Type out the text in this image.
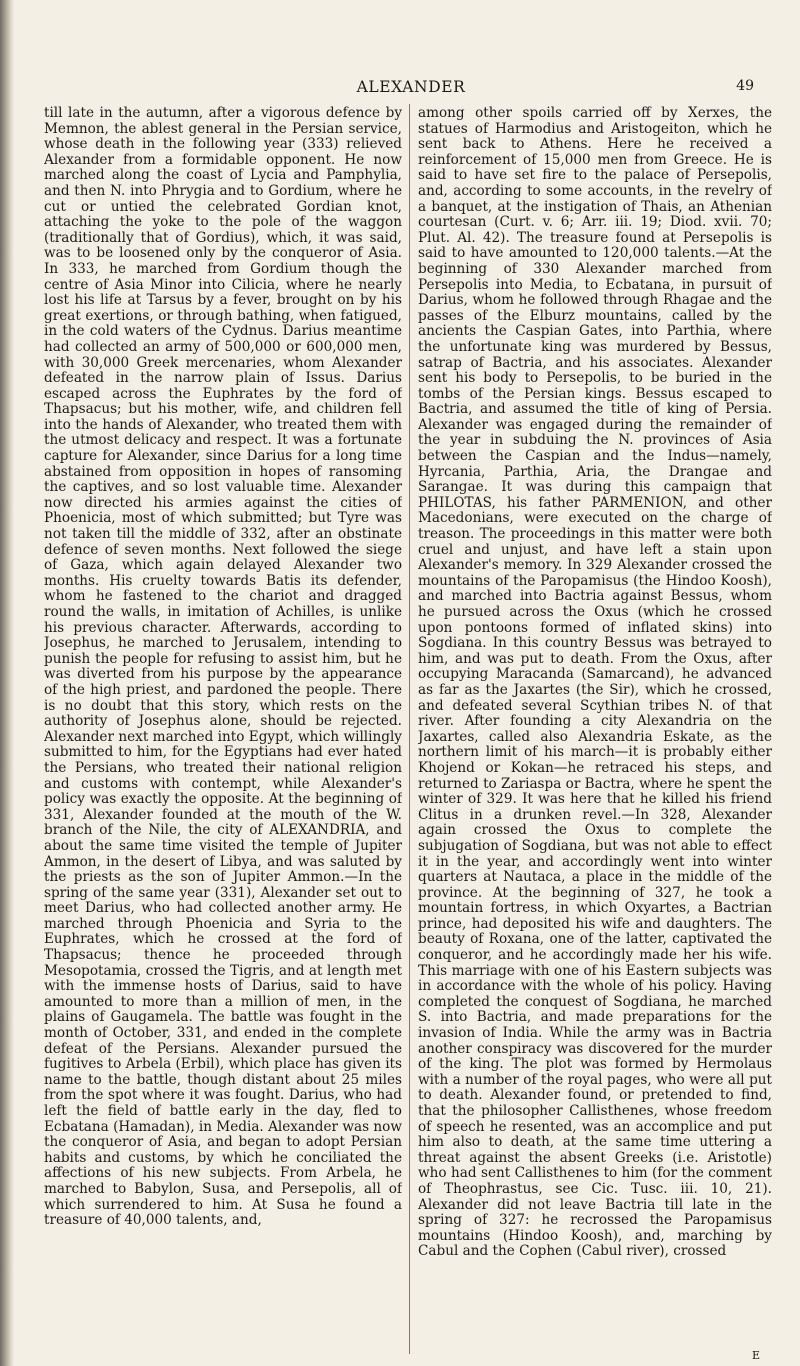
ALEXANDER	49

till late in the autumn, after a vigorous defence by Memnon, the ablest general in the Persian service, whose death in the following year (333) relieved Alexander from a formidable opponent. He now marched along the coast of Lycia and Pamphylia, and then N. into Phrygia and to Gordium, where he cut or untied the celebrated Gordian knot, attaching the yoke to the pole of the waggon (traditionally that of Gordius), which, it was said, was to be loosened only by the conqueror of Asia. In 333, he marched from Gordium though the centre of Asia Minor into Cilicia, where he nearly lost his life at Tarsus by a fever, brought on by his great exertions, or through bathing, when fatigued, in the cold waters of the Cydnus. Darius meantime had collected an army of 500,000 or 600,000 men, with 30,000 Greek mercenaries, whom Alexander defeated in the narrow plain of Issus. Darius escaped across the Euphrates by the ford of Thapsacus; but his mother, wife, and children fell into the hands of Alexander, who treated them with the utmost delicacy and respect. It was a fortunate capture for Alexander, since Darius for a long time abstained from opposition in hopes of ransoming the captives, and so lost valuable time. Alexander now directed his armies against the cities of Phoenicia, most of which submitted; but Tyre was not taken till the middle of 332, after an obstinate defence of seven months. Next followed the siege of Gaza, which again delayed Alexander two months. His cruelty towards Batis its defender, whom he fastened to the chariot and dragged round the walls, in imitation of Achilles, is unlike his previous character. Afterwards, according to Josephus, he marched to Jerusalem, intending to punish the people for refusing to assist him, but he was diverted from his purpose by the appearance of the high priest, and pardoned the people. There is no doubt that this story, which rests on the authority of Josephus alone, should be rejected. Alexander next marched into Egypt, which willingly submitted to him, for the Egyptians had ever hated the Persians, who treated their national religion and customs with contempt, while Alexander's policy was exactly the opposite. At the beginning of 331, Alexander founded at the mouth of the W. branch of the Nile, the city of ALEXANDRIA, and about the same time visited the temple of Jupiter Ammon, in the desert of Libya, and was saluted by the priests as the son of Jupiter Ammon.—In the spring of the same year (331), Alexander set out to meet Darius, who had collected another army. He marched through Phoenicia and Syria to the Euphrates, which he crossed at the ford of Thapsacus; thence he proceeded through Mesopotamia, crossed the Tigris, and at length met with the immense hosts of Darius, said to have amounted to more than a million of men, in the plains of Gaugamela. The battle was fought in the month of October, 331, and ended in the complete defeat of the Persians. Alexander pursued the fugitives to Arbela (Erbil), which place has given its name to the battle, though distant about 25 miles from the spot where it was fought. Darius, who had left the field of battle early in the day, fled to Ecbatana (Hamadan), in Media. Alexander was now the conqueror of Asia, and began to adopt Persian habits and customs, by which he conciliated the affections of his new subjects. From Arbela, he marched to Babylon, Susa, and Persepolis, all of which surrendered to him. At Susa he found a treasure of 40,000 talents, and,

among other spoils carried off by Xerxes, the statues of Harmodius and Aristogeiton, which he sent back to Athens. Here he received a reinforcement of 15,000 men from Greece. He is said to have set fire to the palace of Persepolis, and, according to some accounts, in the revelry of a banquet, at the instigation of Thais, an Athenian courtesan (Curt. v. 6; Arr. iii. 19; Diod. xvii. 70; Plut. Al. 42). The treasure found at Persepolis is said to have amounted to 120,000 talents.—At the beginning of 330 Alexander marched from Persepolis into Media, to Ecbatana, in pursuit of Darius, whom he followed through Rhagae and the passes of the Elburz mountains, called by the ancients the Caspian Gates, into Parthia, where the unfortunate king was murdered by Bessus, satrap of Bactria, and his associates. Alexander sent his body to Persepolis, to be buried in the tombs of the Persian kings. Bessus escaped to Bactria, and assumed the title of king of Persia. Alexander was engaged during the remainder of the year in subduing the N. provinces of Asia between the Caspian and the Indus—namely, Hyrcania, Parthia, Aria, the Drangae and Sarangae. It was during this campaign that PHILOTAS, his father PARMENION, and other Macedonians, were executed on the charge of treason. The proceedings in this matter were both cruel and unjust, and have left a stain upon Alexander's memory. In 329 Alexander crossed the mountains of the Paropamisus (the Hindoo Koosh), and marched into Bactria against Bessus, whom he pursued across the Oxus (which he crossed upon pontoons formed of inflated skins) into Sogdiana. In this country Bessus was betrayed to him, and was put to death. From the Oxus, after occupying Maracanda (Samarcand), he advanced as far as the Jaxartes (the Sir), which he crossed, and defeated several Scythian tribes N. of that river. After founding a city Alexandria on the Jaxartes, called also Alexandria Eskate, as the northern limit of his march—it is probably either Khojend or Kokan—he retraced his steps, and returned to Zariaspa or Bactra, where he spent the winter of 329. It was here that he killed his friend Clitus in a drunken revel.—In 328, Alexander again crossed the Oxus to complete the subjugation of Sogdiana, but was not able to effect it in the year, and accordingly went into winter quarters at Nautaca, a place in the middle of the province. At the beginning of 327, he took a mountain fortress, in which Oxyartes, a Bactrian prince, had deposited his wife and daughters. The beauty of Roxana, one of the latter, captivated the conqueror, and he accordingly made her his wife. This marriage with one of his Eastern subjects was in accordance with the whole of his policy. Having completed the conquest of Sogdiana, he marched S. into Bactria, and made preparations for the invasion of India. While the army was in Bactria another conspiracy was discovered for the murder of the king. The plot was formed by Hermolaus with a number of the royal pages, who were all put to death. Alexander found, or pretended to find, that the philosopher Callisthenes, whose freedom of speech he resented, was an accomplice and put him also to death, at the same time uttering a threat against the absent Greeks (i.e. Aristotle) who had sent Callisthenes to him (for the comment of Theophrastus, see Cic. Tusc. iii. 10, 21). Alexander did not leave Bactria till late in the spring of 327: he recrossed the Paropamisus mountains (Hindoo Koosh), and, marching by Cabul and the Cophen (Cabul river), crossed

E
